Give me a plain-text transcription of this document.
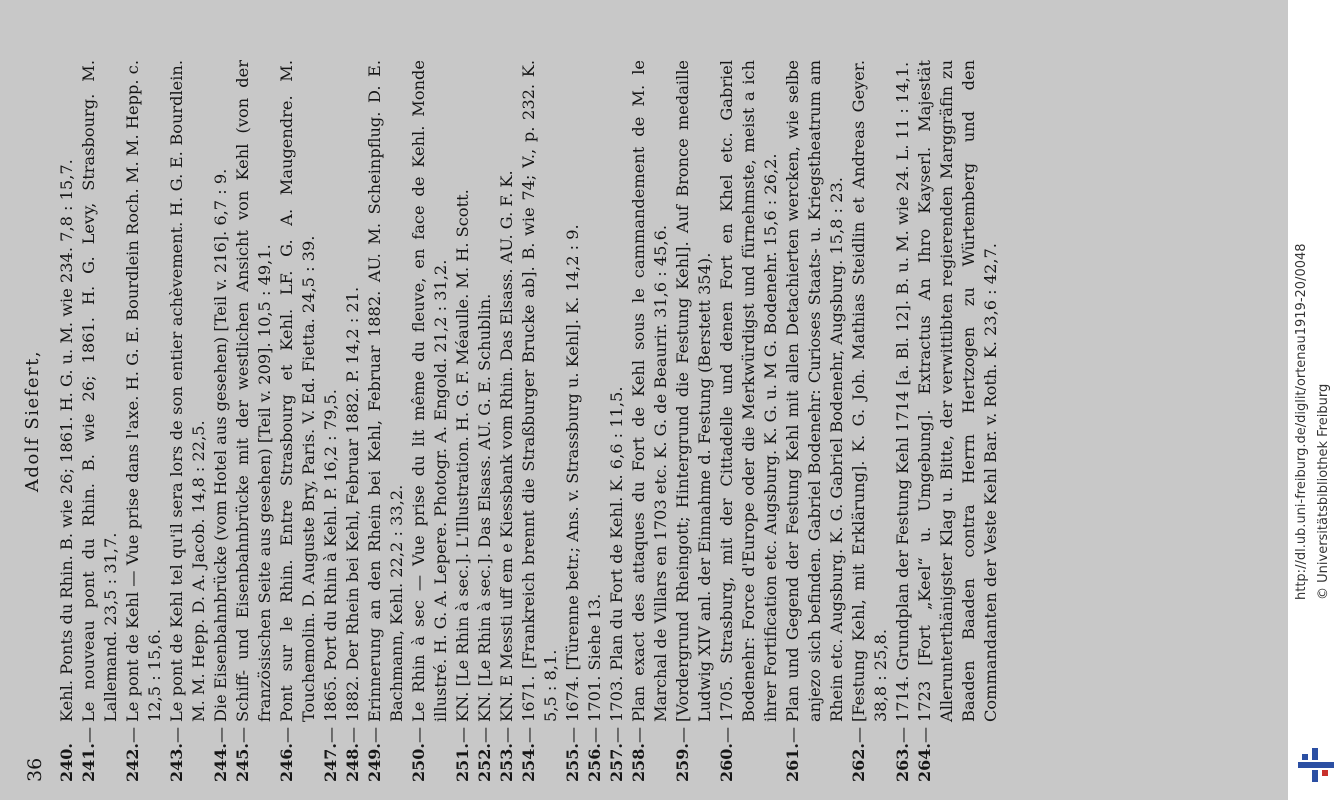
36
Adolf Siefert,
240.
Kehl. Ponts du Rhin. B. wie 26; 1861. H. G. u. M. wie 234. 7,8 : 15,7.
241.
—
Le nouveau pont du Rhin. B. wie 26; 1861. H. G. Levy, Strasbourg. M. Lallemand. 23,5 : 31,7.
242.
—
Le pont de Kehl — Vue prise dans l'axe. H. G. E. Bourdlein Roch. M. M. Hepp. c. 12,5 : 15,6.
243.
—
Le pont de Kehl tel qu'il sera lors de son entier achèvement. H. G. E. Bourdlein. M. M. Hepp. D. A. Jacob. 14,8 : 22,5.
244.
—
Die Eisenbahnbrücke (vom Hotel aus gesehen) [Teil v. 216]. 6,7 : 9.
245.
—
Schiff- und Eisenbahnbrücke mit der westlichen Ansicht von Kehl (von der französischen Seite aus gesehen) [Teil v. 209]. 10,5 : 49,1.
246.
—
Pont sur le Rhin. Entre Strasbourg et Kehl. LF. G. A. Maugendre. M. Touchemolin. D. Auguste Bry, Paris. V. Ed. Fietta. 24,5 : 39.
247.
—
1865. Port du Rhin à Kehl. P. 16,2 : 79,5.
248.
—
1882. Der Rhein bei Kehl, Februar 1882. P. 14,2 : 21.
249.
—
Erinnerung an den Rhein bei Kehl, Februar 1882. AU. M. Scheinpflug. D. E. Bachmann, Kehl. 22,2 : 33,2.
250.
—
Le Rhin à sec — Vue prise du lit même du fleuve, en face de Kehl. Monde illustré. H. G. A. Lepere. Photogr. A. Engold. 21,2 : 31,2.
251.
—
KN. [Le Rhin à sec.]. L'Illustration. H. G. F. Méaulle. M. H. Scott.
252.
—
KN. [Le Rhin à sec.]. Das Elsass. AU. G. E. Schublin.
253.
—
KN. E Messti uff em e Kiessbank vom Rhin. Das Elsass. AU. G. F. K.
254.
—
1671. [Frankreich brennt die Straßburger Brucke ab]. B. wie 74; V., p. 232. K. 5,5 : 8,1.
255.
—
1674. [Türenne betr.; Ans. v. Strassburg u. Kehl]. K. 14,2 : 9.
256.
—
1701. Siehe 13.
257.
—
1703. Plan du Fort de Kehl. K. 6,6 : 11,5.
258.
—
Plan exact des attaques du Fort de Kehl sous le cammandement de M. le Marchal de Villars en 1703 etc. K. G. de Beaurir. 31,6 : 45,6.
259.
—
[Vordergrund Rheingott; Hintergrund die Festung Kehl]. Auf Bronce medaille Ludwig XIV anl. der Einnahme d. Festung (Berstett 354).
260.
—
1705. Strasburg, mit der Cittadelle und denen Fort en Khel etc. Gabriel Bodenehr: Force d'Europe oder die Merkwürdigst und fürnehmste, meist a ich ihrer Fortification etc. Augsburg. K. G. u. M G. Bodenehr. 15,6 : 26,2.
261.
—
Plan und Gegend der Festung Kehl mit allen Detachierten wercken, wie selbe anjezo sich befinden. Gabriel Bodenehr: Curioses Staats- u. Kriegstheatrum am Rhein etc. Augsburg. K. G. Gabriel Bodenehr, Augsburg. 15,8 : 23.
262.
—
[Festung Kehl, mit Erklärung]. K. G. Joh. Mathias Steidlin et Andreas Geyer. 38,8 : 25,8.
263.
—
1714. Grundplan der Festung Kehl 1714 [a. Bl. 12]. B. u. M. wie 24. L. 11 : 14,1.
264.
—
1723 [Fort „Keel“ u. Umgebung]. Extractus An Ihro Kayserl. Majestät Allerunterthänigster Klag u. Bitte, der verwittibten regierenden Marggräfin zu Baaden Baaden contra Herrn Hertzogen zu Würtemberg und den Commandanten der Veste Kehl Bar. v. Roth. K. 23,6 : 42,7.	http://dl.ub.uni-freiburg.de/diglit/ortenau1919-20/0048 © Universitätsbibliothek Freiburg
